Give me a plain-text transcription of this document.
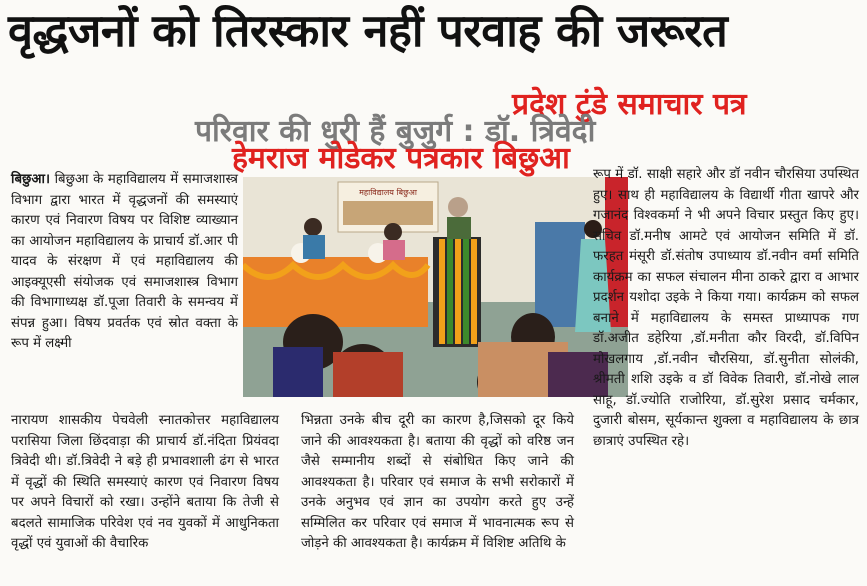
वृद्धजनों को तिरस्कार नहीं परवाह की जरूरत
महाविद्यालय बिछुआ

बिछुआ। बिछुआ के महाविद्यालय में समाजशास्त्र विभाग द्वारा भारत में वृद्धजनों की समस्याएं कारण एवं निवारण विषय पर विशिष्ट व्याख्यान का आयोजन महाविद्यालय के प्राचार्य डॉ.आर पी यादव के संरक्षण में एवं महाविद्यालय की आइक्यूएसी संयोजक एवं समाजशास्त्र विभाग की विभागाध्यक्ष डॉ.पूजा तिवारी के समन्वय में संपन्न हुआ। विषय प्रवर्तक एवं स्रोत वक्ता के रूप में लक्ष्मी

नारायण शासकीय पेचवेली स्नातकोत्तर महाविद्यालय परासिया जिला छिंदवाड़ा की प्राचार्य डॉ.नंदिता प्रियंवदा त्रिवेदी थी। डॉ.त्रिवेदी ने बड़े ही प्रभावशाली ढंग से भारत में वृद्धों की स्थिति समस्याएं कारण एवं निवारण विषय पर अपने विचारों को रखा। उन्होंने बताया कि तेजी से बदलते सामाजिक परिवेश एवं नव युवकों में आधुनिकता वृद्धों एवं युवाओं की वैचारिक

भिन्नता उनके बीच दूरी का कारण है,जिसको दूर किये जाने की आवश्यकता है। बताया की वृद्धों को वरिष्ठ जन जैसे सम्मानीय शब्दों से संबोधित किए जाने की आवश्यकता है। परिवार एवं समाज के सभी सरोकारों में उनके अनुभव एवं ज्ञान का उपयोग करते हुए उन्हें सम्मिलित कर परिवार एवं समाज में भावनात्मक रूप से जोड़ने की आवश्यकता है। कार्यक्रम में विशिष्ट अतिथि के

रूप में डॉ. साक्षी सहारे और डॉ नवीन चौरसिया उपस्थित हुए। साथ ही महाविद्यालय के विद्यार्थी गीता खापरे और गजानंद विश्वकर्मा ने भी अपने विचार प्रस्तुत किए हुए। सचिव डॉ.मनीष आमटे एवं आयोजन समिति में डॉ. फरहत मंसूरी डॉ.संतोष उपाध्याय डॉ.नवीन वर्मा समिति कार्यक्रम का सफल संचालन मीना ठाकरे द्वारा व आभार प्रदर्शन यशोदा उइके ने किया गया। कार्यक्रम को सफल बनाने में महाविद्यालय के समस्त प्राध्यापक गण डॉ.अजीत डहेरिया ,डॉ.मनीता कौर विरदी, डॉ.विपिन मोखलगाय ,डॉ.नवीन चौरसिया, डॉ.सुनीता सोलंकी, श्रीमती शशि उइके व डॉ विवेक तिवारी, डॉ.नोखे लाल साहू, डॉ.ज्योति राजोरिया, डॉ.सुरेश प्रसाद चर्मकार, दुजारी बोसम, सूर्यकान्त शुक्ला व महाविद्यालय के छात्र छात्राएं उपस्थित रहे।

प्रदेश टुंडे समाचार पत्र
परिवार की धुरी हैं बुजुर्ग : डॉ. त्रिवेदी
हेमराज मोडेकर पत्रकार बिछुआ
